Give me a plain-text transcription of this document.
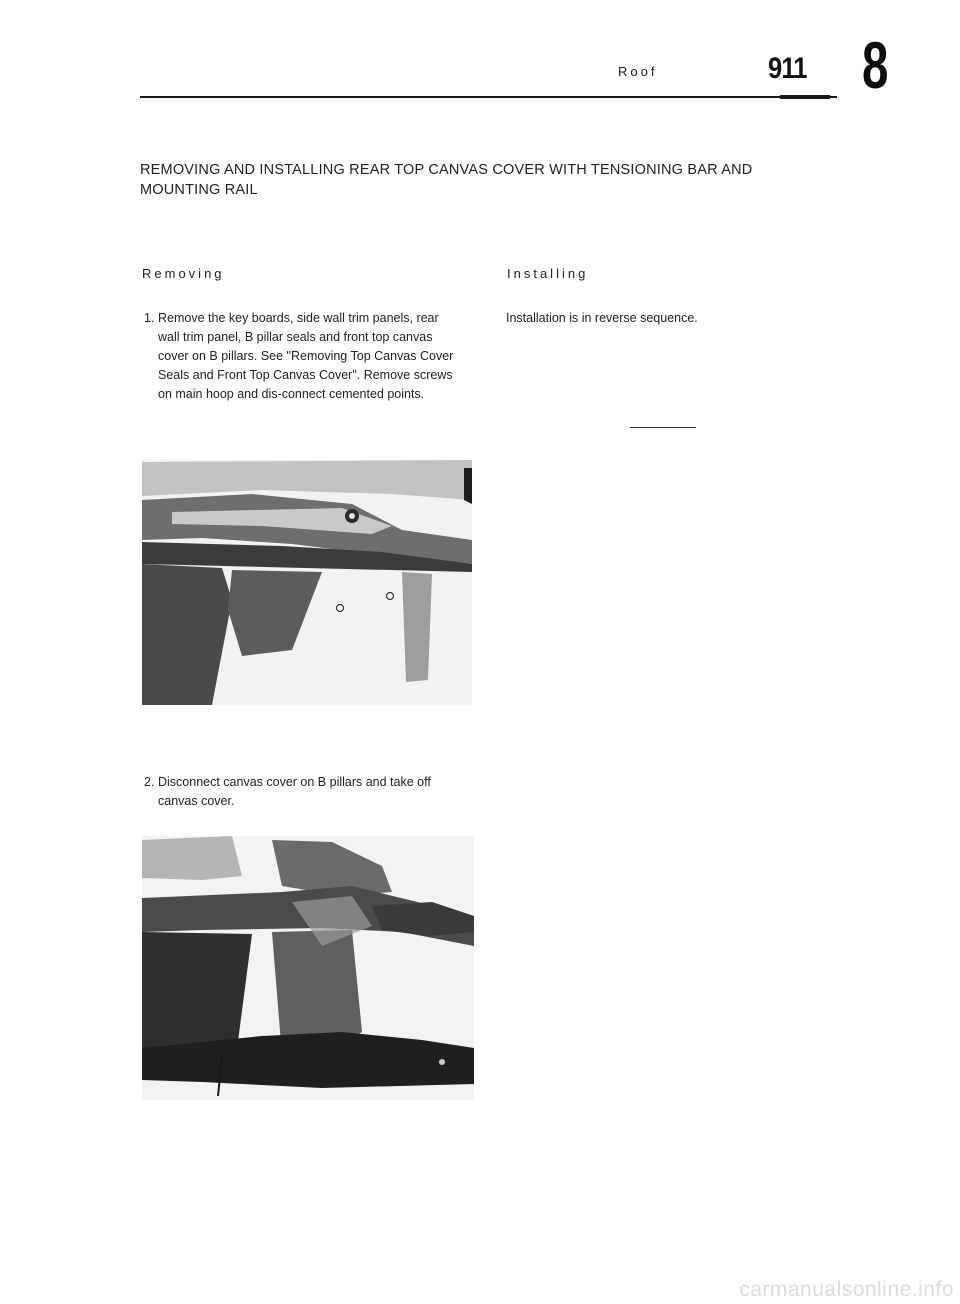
Roof	911 8
REMOVING AND INSTALLING REAR TOP CANVAS COVER WITH TENSIONING BAR AND MOUNTING RAIL
Removing
1. Remove the key boards, side wall trim panels, rear wall trim panel, B pillar seals and front top canvas cover on B pillars. See "Removing Top Canvas Cover Seals and Front Top Canvas Cover". Remove screws on main hoop and dis-connect cemented points.
2. Disconnect canvas cover on B pillars and take off canvas cover.
Installing
Installation is in reverse sequence.
carmanualsonline.info
